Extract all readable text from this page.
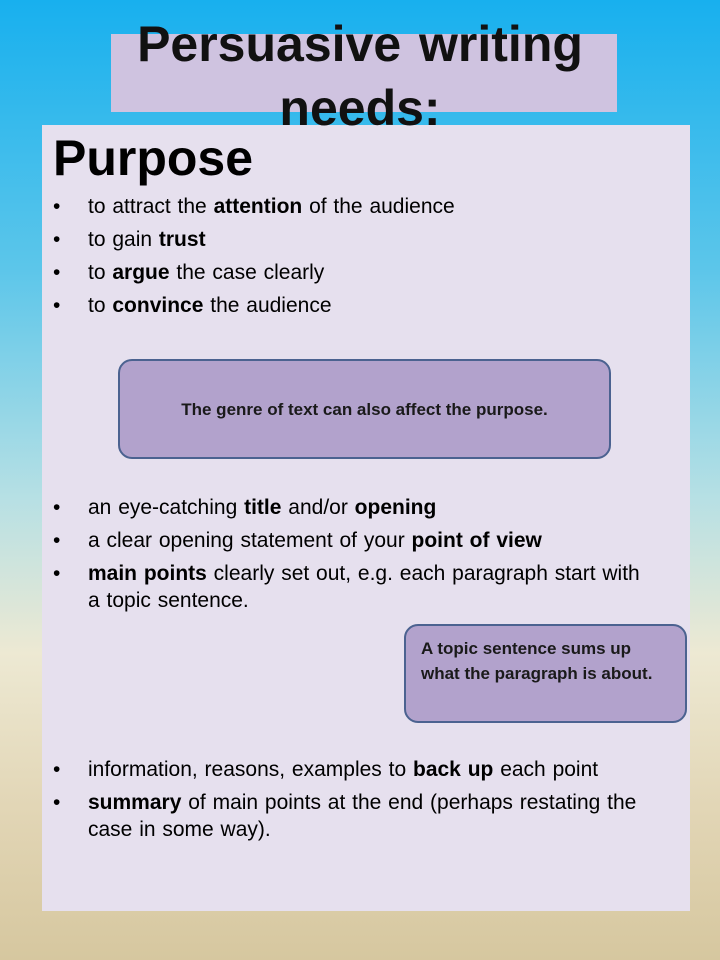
Persuasive writing needs:
Purpose
• to attract the attention of the audience
• to gain trust
• to argue the case clearly
• to convince the audience
The genre of text can also affect the purpose.
• an eye-catching title and/or opening
• a clear opening statement of your point of view
• main points clearly set out, e.g. each paragraph start with a topic sentence.
A topic sentence sums up what the paragraph is about.
• information, reasons, examples to back up each point
• summary of main points at the end (perhaps restating the case in some way).
